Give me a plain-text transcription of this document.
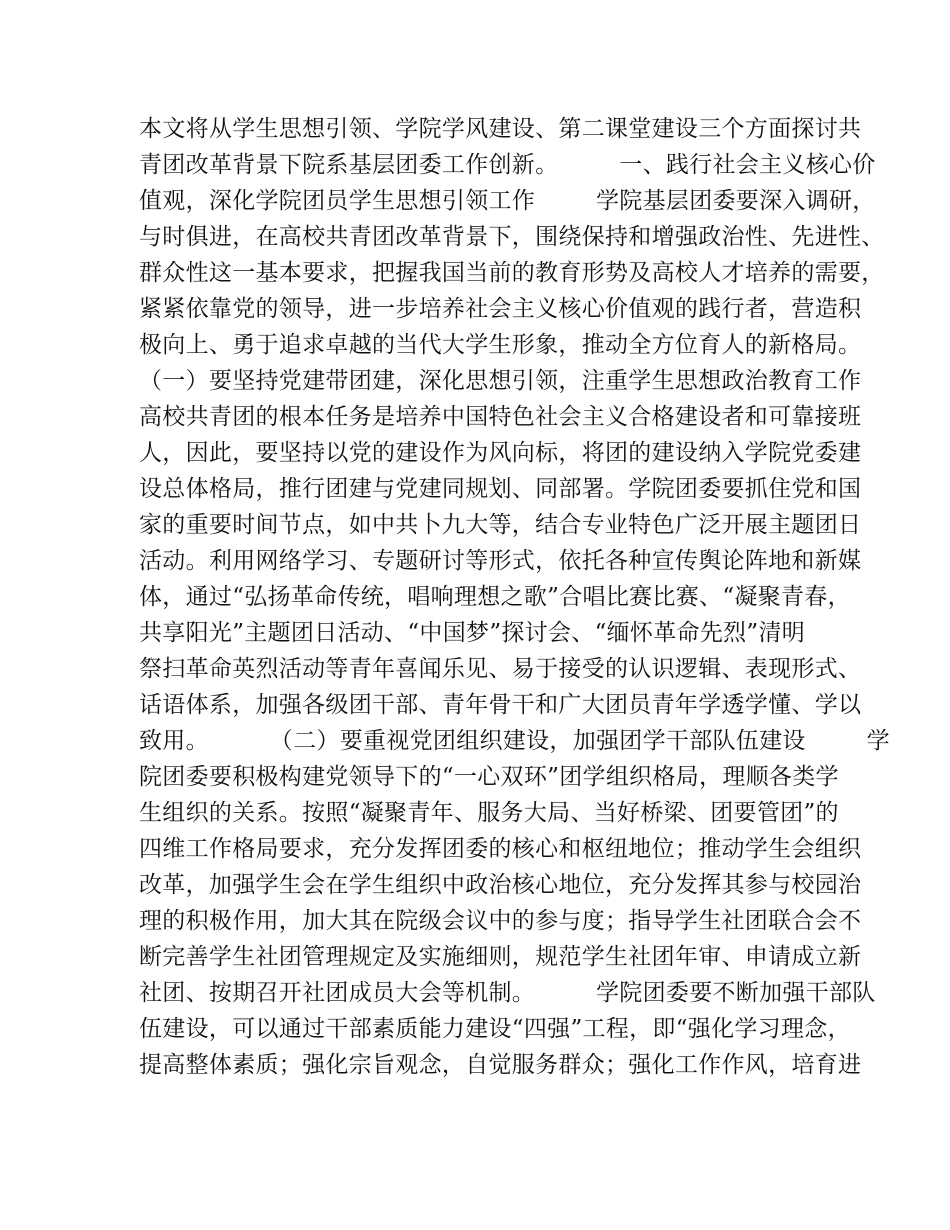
本文将从学生思想引领、学院学风建设、第二课堂建设三个方面探讨共
青团改革背景下院系基层团委工作创新。        一、践行社会主义核心价
值观，深化学院团员学生思想引领工作        学院基层团委要深入调研，
与时俱进，在高校共青团改革背景下，围绕保持和增强政治性、先进性、
群众性这一基本要求，把握我国当前的教育形势及高校人才培养的需要，
紧紧依靠党的领导，进一步培养社会主义核心价值观的践行者，营造积
极向上、勇于追求卓越的当代大学生形象，推动全方位育人的新格局。
（一）要坚持党建带团建，深化思想引领，注重学生思想政治教育工作
高校共青团的根本任务是培养中国特色社会主义合格建设者和可靠接班
人，因此，要坚持以党的建设作为风向标，将团的建设纳入学院党委建
设总体格局，推行团建与党建同规划、同部署。学院团委要抓住党和国
家的重要时间节点，如中共卜九大等，结合专业特色广泛开展主题团日
活动。利用网络学习、专题研讨等形式，依托各种宣传舆论阵地和新媒
体，通过“弘扬革命传统，唱响理想之歌”合唱比赛比赛、“凝聚青春，
共享阳光”主题团日活动、“中国梦”探讨会、“缅怀革命先烈”清明
祭扫革命英烈活动等青年喜闻乐见、易于接受的认识逻辑、表现形式、
话语体系，加强各级团干部、青年骨干和广大团员青年学透学懂、学以
致用。        （二）要重视党团组织建设，加强团学干部队伍建设        学
院团委要积极构建党领导下的“一心双环”团学组织格局，理顺各类学
生组织的关系。按照“凝聚青年、服务大局、当好桥梁、团要管团”的
四维工作格局要求，充分发挥团委的核心和枢纽地位；推动学生会组织
改革，加强学生会在学生组织中政治核心地位，充分发挥其参与校园治
理的积极作用，加大其在院级会议中的参与度；指导学生社团联合会不
断完善学生社团管理规定及实施细则，规范学生社团年审、申请成立新
社团、按期召开社团成员大会等机制。        学院团委要不断加强干部队
伍建设，可以通过干部素质能力建设“四强”工程，即“强化学习理念，
提高整体素质；强化宗旨观念，自觉服务群众；强化工作作风，培育进
